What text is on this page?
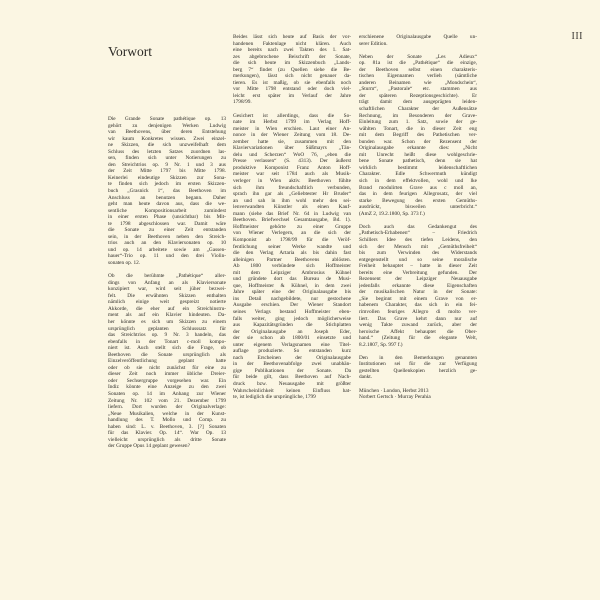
III
Vorwort
Die Grande Sonate pathétique op. 13
gehört zu denjenigen Werken Ludwig
van Beethovens, über deren Entstehung
wir kaum Konkretes wissen. Zwei einzel-
ne Skizzen, die sich unzweifelhaft dem
Schluss des letzten Satzes zuordnen las-
sen, finden sich unter Notierungen zu
den Streichtrios op. 9 Nr. 1 und 3 aus
der Zeit Mitte 1797 bis Mitte 1798.
Keinerlei eindeutige Skizzen zur Sona-
te finden sich jedoch im ersten Skizzen-
buch „Grasnick 1“, das Beethoven im
Anschluss an benutzen begann. Daher
geht man heute davon aus, dass die we-
sentliche Kompositionsarbeit zumindest
in einer ersten Phase (unsichtbar) bis Mit-
te 1798 abgeschlossen war. Damit wäre
die Sonate zu einer Zeit entstanden
sein, in der Beethoven neben den Streich-
trios auch an den Klaviersonaten op. 10
und op. 14 arbeitete sowie am „Gassen-
hauer“-Trio op. 11 und den drei Violin-
sonaten op. 12.
Ob die berühmte „Pathétique“ aller-
dings von Anfang an als Klaviersonate
konzipiert war, wird seit jüher bezwei-
felt. Die erwähnten Skizzen enthalten
nämlich einige weit gespreizt notierte
Akkorde, die eher auf ein Streichinstru-
ment als auf ein Klavier hindeuten. Da-
her könnte es sich um Skizzen zu einem
ursprünglich geplanten Schlusssatz für
das Streichtrios op. 9 Nr. 3 handeln, das
ebenfalls in der Tonart c-moll kompo-
niert ist. Auch stellt sich die Frage, ob
Beethoven die Sonate ursprünglich als
Einzelveröffentlichung geplant hatte
oder ob sie nicht zunächst für eine zu
dieser Zeit noch immer übliche Dreier-
oder Sechsergruppe vorgesehen war. Ein
Indiz könnte eine Anzeige zu den zwei
Sonaten op. 14 im Anhang zur Wiener
Zeitung Nr. 102 vom 21. Dezember 1799
liefern. Dort wurden der Originalverlage:
„Neue Musikalien, welche in der Kunst-
handlung des T. Mollo und Comp. zu
haben sind: L. v. Beethoven, 3. [?] Sonaten
für das Klavier. Op. 14“. War Op. 13
vielleicht ursprünglich als dritte Sonate
der Gruppe Opus 14 geplant gewesen?
Beides lässt sich heute auf Basis der vor-
handenen Faktenlage nicht klären. Auch
eine bereits nach zwei Takten des 1. Sat-
zes abgebrochene Beischrift der Sonate,
die sich heute im Skizzenbuch „Lands-
berg 7“ findet (zu Quellen siehe die Be-
merkungen), lässt sich nicht genauer da-
tieren. Es ist maßig, ob sie ebenfalls noch
vor Mitte 1798 entstand oder doch viel-
leicht erst später im Verlauf der Jahre
1798/99.
Gesichert ist allerdings, dass die So-
nate im Herbst 1799 im Verlag Hoff-
meister in Wien erschien. Laut einer An-
nonce in der Wiener Zeitung vom 18. De-
zember hatte sie, zusammen mit den
Klaviervariationen über Süßmayrs „Tän-
delu und Scherzen“ WoO 76, „eben die
Presse verlassen“ (S. 4313). Der äußerst
produktive Komponist Franz Anton Hoff-
meister war seit 1784 auch als Musik-
verleger in Wien aktiv. Beethoven fühlte
sich ihm freundschaftlich verbunden,
sprach ihn gar als „Geliebtester Hr Bruder“
an und sah in ihm wohl mehr den sei-
lenverwandten Künstler als einen Kauf-
mann (siehe das Brief Nr. 64 in Ludwig van
Beethoven. Briefwechsel Gesamtausgabe, Bd. 1).
Hoffmeister gehörte zu einer Gruppe
von Wiener Verlegern, an die sich der
Komponist ab 1798/99 für die Veröf-
fentlichung seiner Werke wandte und
die den Verlag Artaria als bis dahin fast
alleinigen Partner Beethovens ablösten.
Ab 1800 verbündete sich Hoffmeister
mit dem Leipziger Ambrosius Kühnel
und gründete dort das Bureau de Musi-
que, Hoffmeister & Kühnel, in dem zwei
Jahre später eine der Originalausgabe bis
ins Detail nachgebildete, nur gestochene
Ausgabe erschien. Der Wiener Standort
seines Verlags bestand Hoffmeister eben-
falls weiter, ging jedoch möglicherweise
aus Kapazitätsgründen die Stichplatten
der Originalausgabe an Joseph Eder,
der sie schon ab 1800/01 einsetzte und
unter eigenem Verlagsnamen eine Titel-
auflage produzierte. So entstanden kurz
nach Erscheinen der Originalausgabe
in der Beethovenabfolge zwei unabhän-
gige Publikationen der Sonate. Da
für beide gilt, dass Beethoven auf Nach-
druck bzw. Neuausgabe mit größter
Wahrscheinlichkeit keinen Einfluss hat-
te, ist lediglich die ursprüngliche, 1799
erschienene Originalausgabe Quelle un-
serer Edition.
Neben der Sonate „Les Adieux“
op. 81a ist die „Pathétique“ die einzige,
der Beethoven selbst einen charakteris-
tischen Eigennamen verlieh (sämtliche
anderen Beinamen wie „Mondschein“,
„Sturm“, „Pastorale“ etc. stammen aus
der späteren Rezeptionsgeschichte). Er
trägt damit dem ausgeprägten leiden-
schaftlichen Charakter der Außensätze
Rechnung, im Besonderen der Grave-
Einleitung zum 1. Satz, sowie der ge-
wählten Tonart, die in dieser Zeit eng
mit dem Begriff des Pathetischen ver-
bunden war. Schon der Rezensent der
Originalausgabe erkannte dies: „Nicht
mit Unrecht heißt diese wohlgeschrie-
bene Sonate pathetisch, denn sie hat
wirklich bestimmt leidenschaftlichen
Charakter. Edle Schwermuth kündigt
sich in dem effektvollen, wohl und lke
Brand modulirten Grave aus c moll an,
das in dem feurigen Allegrosatz, der viel
starke Bewegung des ersten Gemüths-
ausdrückt, bisweilen unterbricht.“
(AmZ 2, 19.2.1800, Sp. 373 f.)
Doch auch das Gedankengut des
„Pathetisch-Erhabenen“ – Friedrich
Schillers Idee des tiefen Leidens, den
sich der Mensch mit „Gemüthsfreiheit“
bis zum Verwinden des Widerstands
entgegenstellt und so seine moralische
Freiheit behauptet – hatte in dieser Zeit
bereits eine Verbreitung gefunden. Der
Rezensent der Leipziger Neuausgabe
jedenfalls erkannte diese Eigenschaften
der musikalischen Natur in der Sonate:
„Sie beginnt mit einem Grave von er-
habenem Charakter, das sich in ein fei-
rimvollen feuriges Allegro di molto ver-
liert. Das Grave kehrt dann nur auf
wenig Takte zuwand zurück, aber der
heroische Affekt behauptet die Ober-
hand.“ (Zeitung für die elegante Welt,
8.2.1807, Sp. 997 f.)
Den in den Bemerkungen genannten
Institutionen sei für die zur Verfügung
gestellten Quellenkopien herzlich ge-
dankt.
München · London, Herbst 2013
Norbert Gertsch · Murray Perahia
